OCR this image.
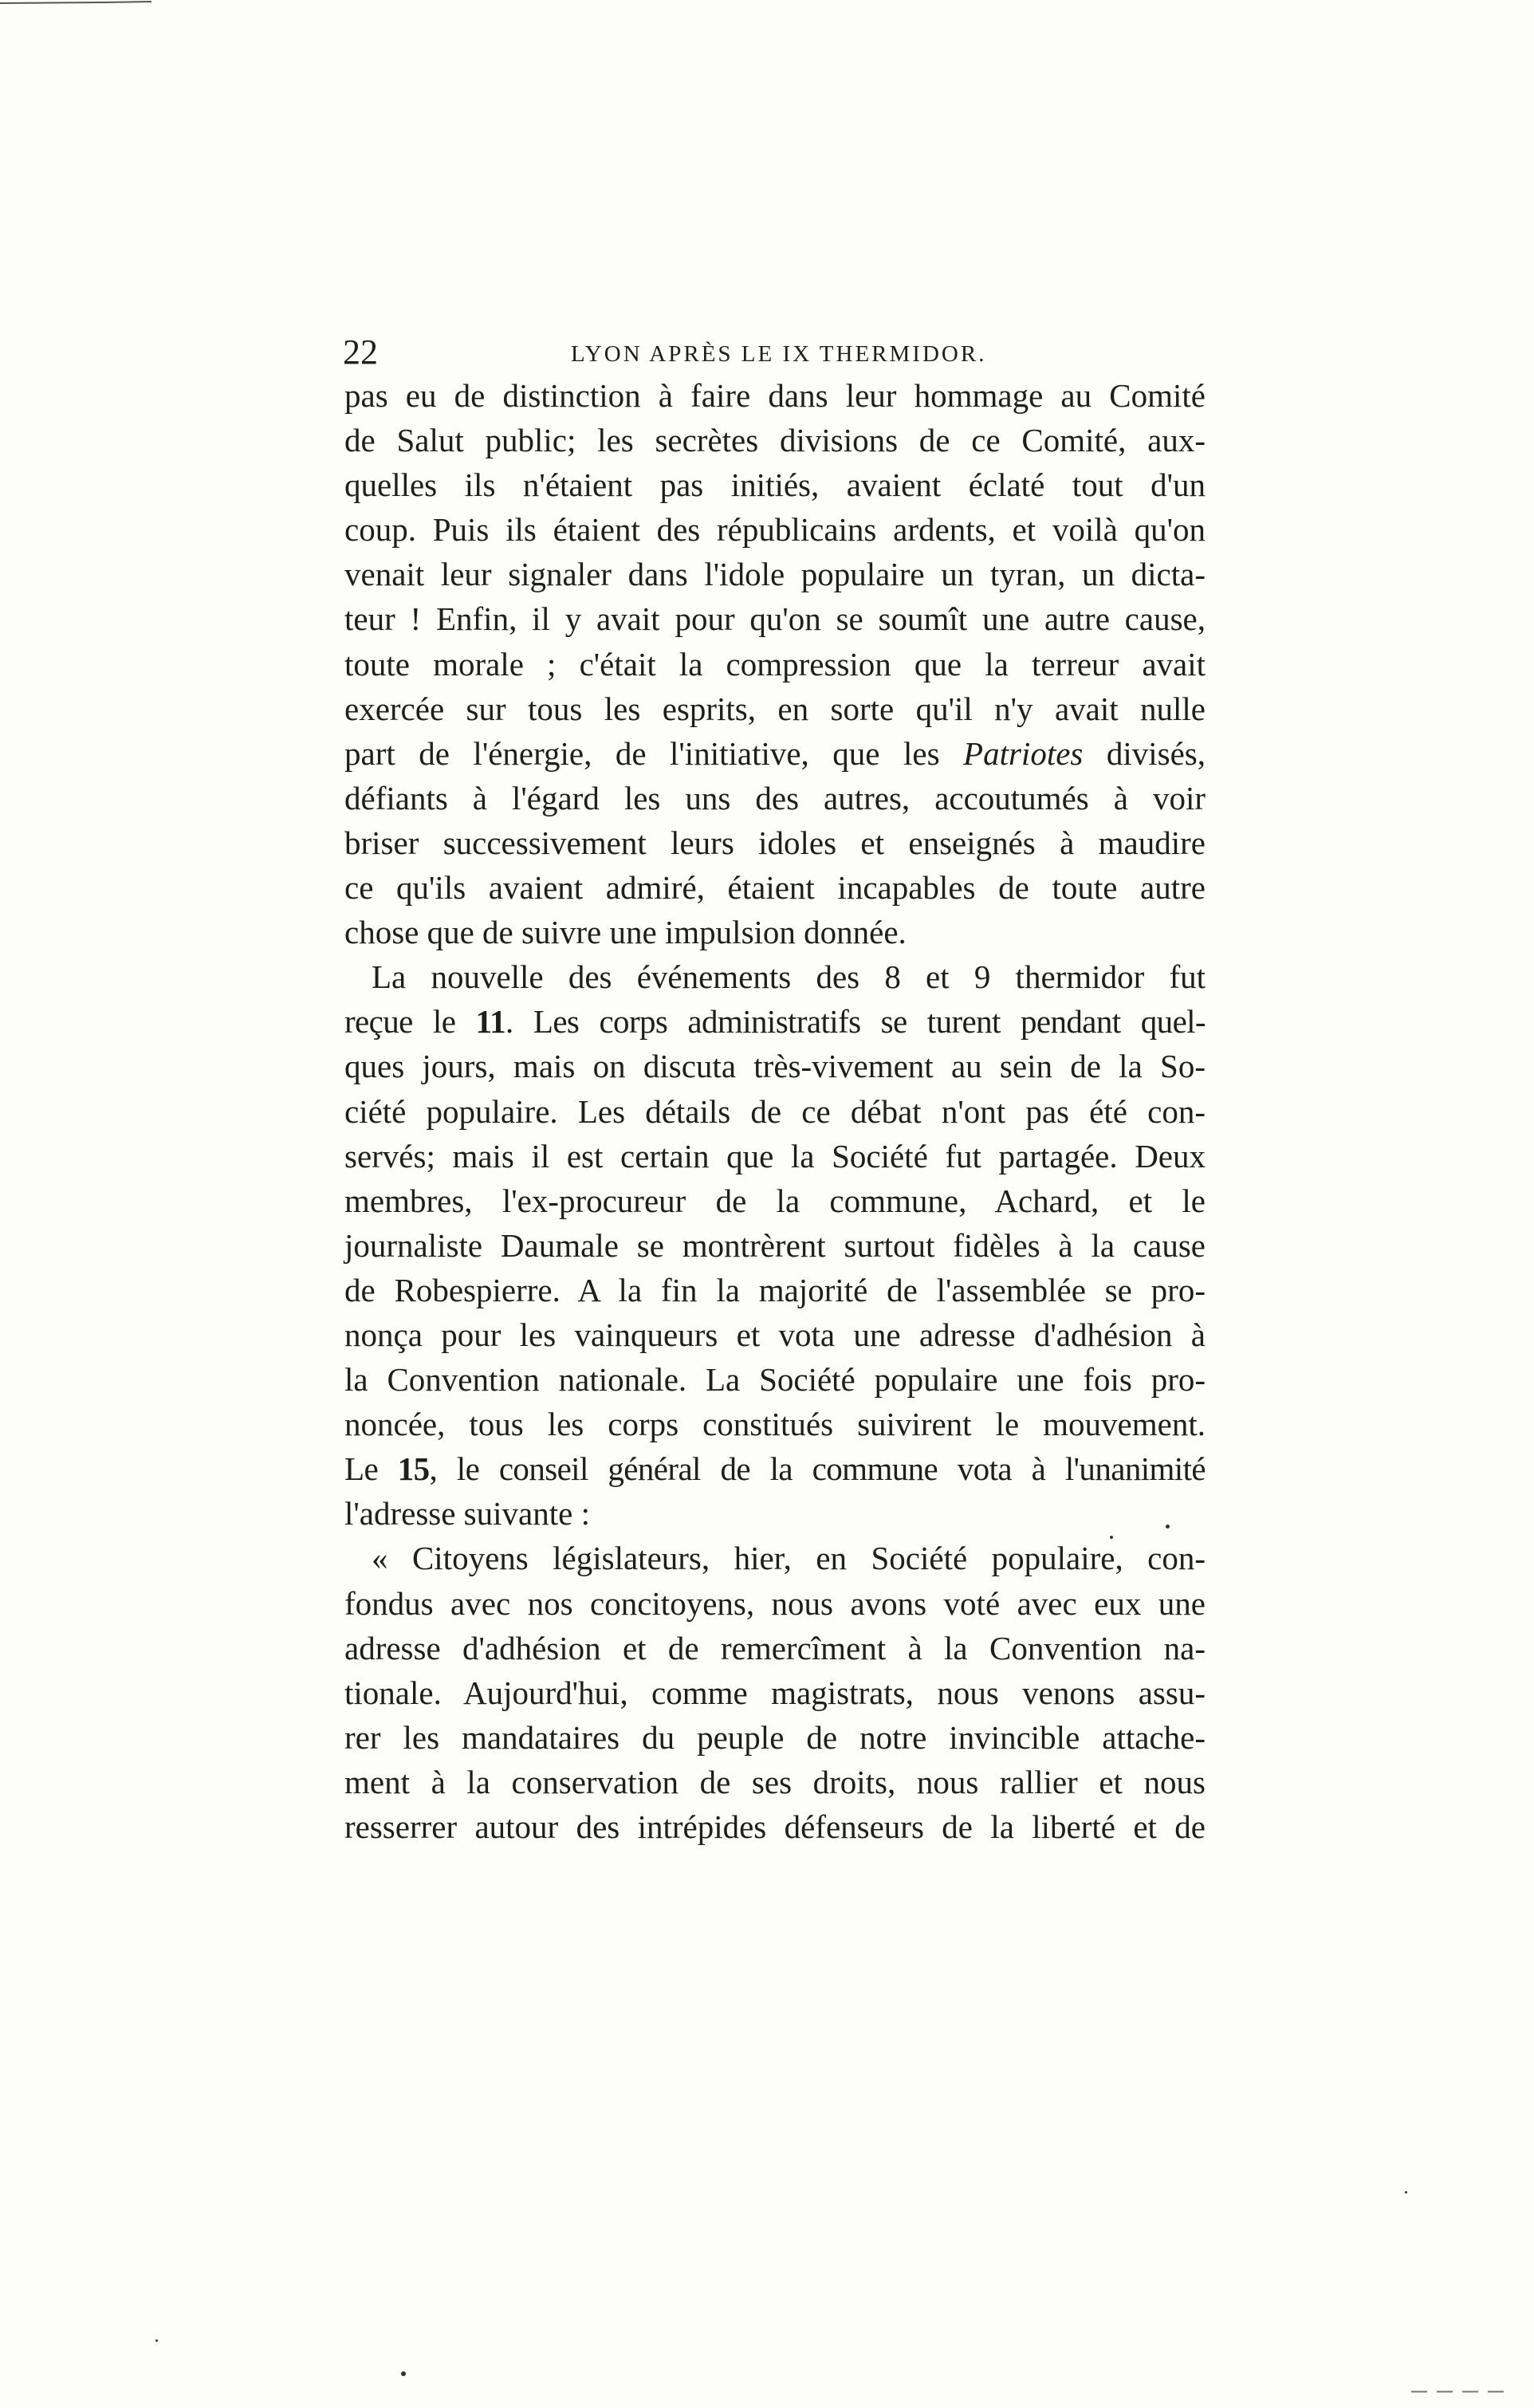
22	LYON APRÈS LE IX THERMIDOR.
pas eu de distinction à faire dans leur hommage au Comité
de Salut public; les secrètes divisions de ce Comité, aux-
quelles ils n'étaient pas initiés, avaient éclaté tout d'un
coup. Puis ils étaient des républicains ardents, et voilà qu'on
venait leur signaler dans l'idole populaire un tyran, un dicta-
teur ! Enfin, il y avait pour qu'on se soumît une autre cause,
toute morale ; c'était la compression que la terreur avait
exercée sur tous les esprits, en sorte qu'il n'y avait nulle
part de l'énergie, de l'initiative, que les Patriotes divisés,
défiants à l'égard les uns des autres, accoutumés à voir
briser successivement leurs idoles et enseignés à maudire
ce qu'ils avaient admiré, étaient incapables de toute autre
chose que de suivre une impulsion donnée.
La nouvelle des événements des 8 et 9 thermidor fut
reçue le 11. Les corps administratifs se turent pendant quel-
ques jours, mais on discuta très-vivement au sein de la So-
ciété populaire. Les détails de ce débat n'ont pas été con-
servés; mais il est certain que la Société fut partagée. Deux
membres, l'ex-procureur de la commune, Achard, et le
journaliste Daumale se montrèrent surtout fidèles à la cause
de Robespierre. A la fin la majorité de l'assemblée se pro-
nonça pour les vainqueurs et vota une adresse d'adhésion à
la Convention nationale. La Société populaire une fois pro-
noncée, tous les corps constitués suivirent le mouvement.
Le 15, le conseil général de la commune vota à l'unanimité
l'adresse suivante :
« Citoyens législateurs, hier, en Société populaire, con-
fondus avec nos concitoyens, nous avons voté avec eux une
adresse d'adhésion et de remercîment à la Convention na-
tionale. Aujourd'hui, comme magistrats, nous venons assu-
rer les mandataires du peuple de notre invincible attache-
ment à la conservation de ses droits, nous rallier et nous
resserrer autour des intrépides défenseurs de la liberté et de
